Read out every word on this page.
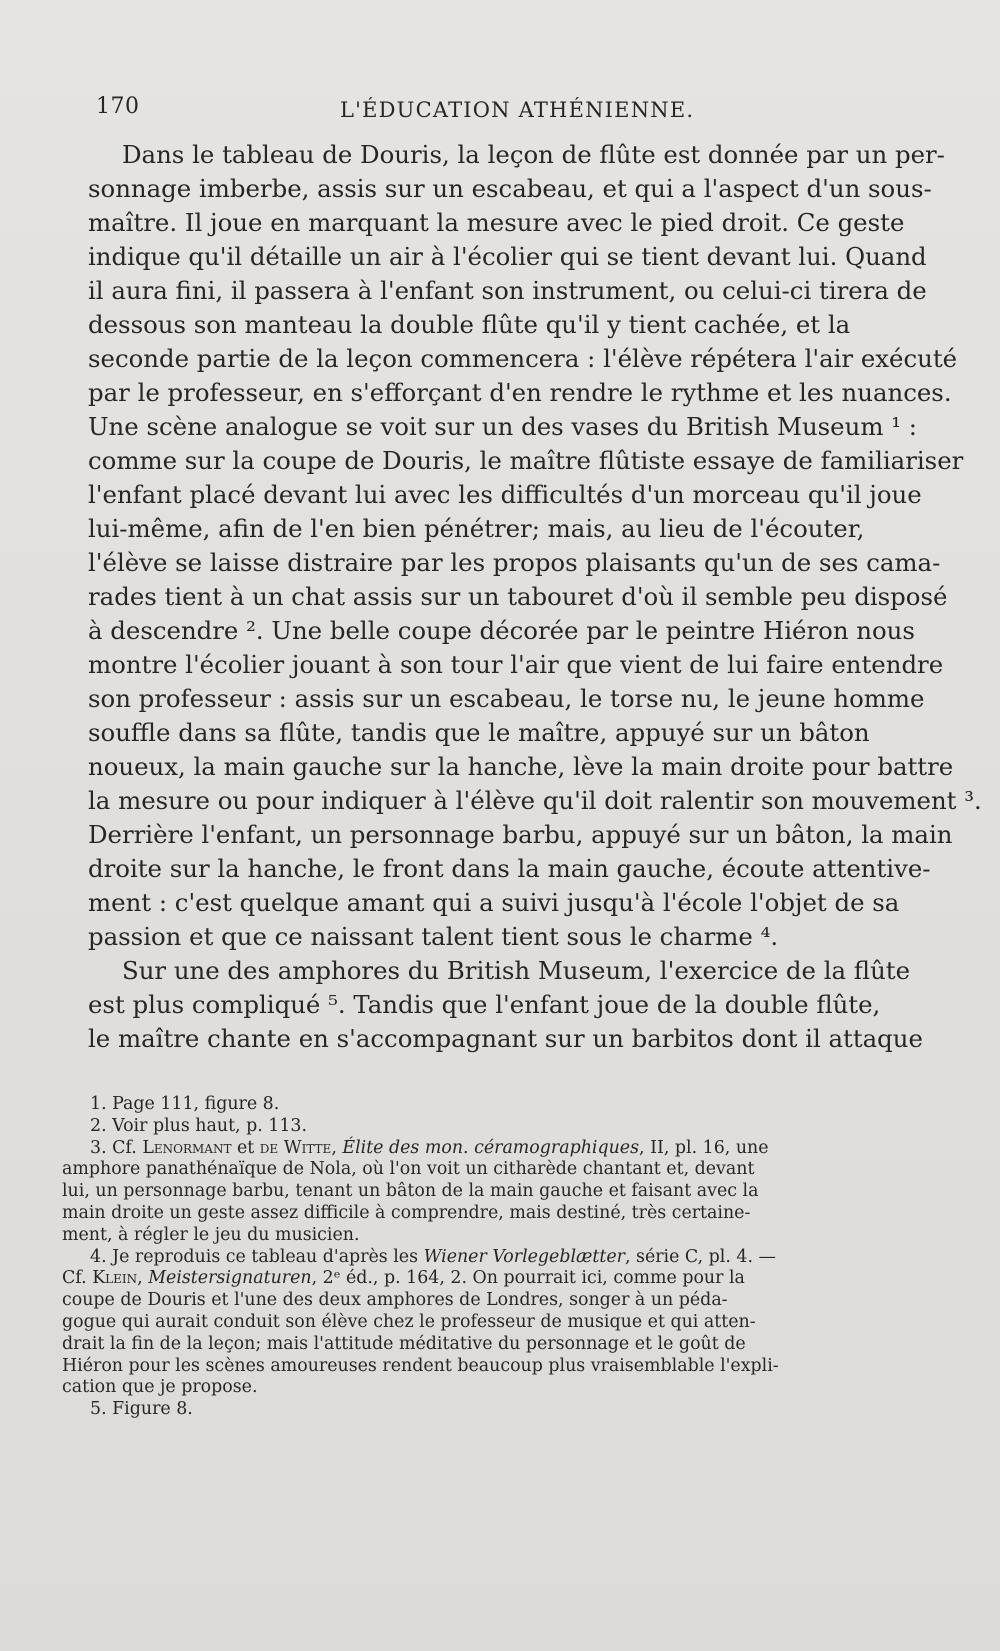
170	L'ÉDUCATION ATHÉNIENNE.
Dans le tableau de Douris, la leçon de flûte est donnée par un per-
sonnage imberbe, assis sur un escabeau, et qui a l'aspect d'un sous-
maître. Il joue en marquant la mesure avec le pied droit. Ce geste
indique qu'il détaille un air à l'écolier qui se tient devant lui. Quand
il aura fini, il passera à l'enfant son instrument, ou celui-ci tirera de
dessous son manteau la double flûte qu'il y tient cachée, et la
seconde partie de la leçon commencera : l'élève répétera l'air exécuté
par le professeur, en s'efforçant d'en rendre le rythme et les nuances.
Une scène analogue se voit sur un des vases du British Museum ¹ :
comme sur la coupe de Douris, le maître flûtiste essaye de familiariser
l'enfant placé devant lui avec les difficultés d'un morceau qu'il joue
lui-même, afin de l'en bien pénétrer; mais, au lieu de l'écouter,
l'élève se laisse distraire par les propos plaisants qu'un de ses cama-
rades tient à un chat assis sur un tabouret d'où il semble peu disposé
à descendre ². Une belle coupe décorée par le peintre Hiéron nous
montre l'écolier jouant à son tour l'air que vient de lui faire entendre
son professeur : assis sur un escabeau, le torse nu, le jeune homme
souffle dans sa flûte, tandis que le maître, appuyé sur un bâton
noueux, la main gauche sur la hanche, lève la main droite pour battre
la mesure ou pour indiquer à l'élève qu'il doit ralentir son mouvement ³.
Derrière l'enfant, un personnage barbu, appuyé sur un bâton, la main
droite sur la hanche, le front dans la main gauche, écoute attentive-
ment : c'est quelque amant qui a suivi jusqu'à l'école l'objet de sa
passion et que ce naissant talent tient sous le charme ⁴.
Sur une des amphores du British Museum, l'exercice de la flûte
est plus compliqué ⁵. Tandis que l'enfant joue de la double flûte,
le maître chante en s'accompagnant sur un barbitos dont il attaque
1. Page 111, figure 8.
2. Voir plus haut, p. 113.
3. Cf. Lenormant et de Witte, Élite des mon. céramographiques, II, pl. 16, une
amphore panathénaïque de Nola, où l'on voit un citharède chantant et, devant
lui, un personnage barbu, tenant un bâton de la main gauche et faisant avec la
main droite un geste assez difficile à comprendre, mais destiné, très certaine-
ment, à régler le jeu du musicien.
4. Je reproduis ce tableau d'après les Wiener Vorlegeblætter, série C, pl. 4. —
Cf. Klein, Meistersignaturen, 2ᵉ éd., p. 164, 2. On pourrait ici, comme pour la
coupe de Douris et l'une des deux amphores de Londres, songer à un péda-
gogue qui aurait conduit son élève chez le professeur de musique et qui atten-
drait la fin de la leçon; mais l'attitude méditative du personnage et le goût de
Hiéron pour les scènes amoureuses rendent beaucoup plus vraisemblable l'expli-
cation que je propose.
5. Figure 8.
